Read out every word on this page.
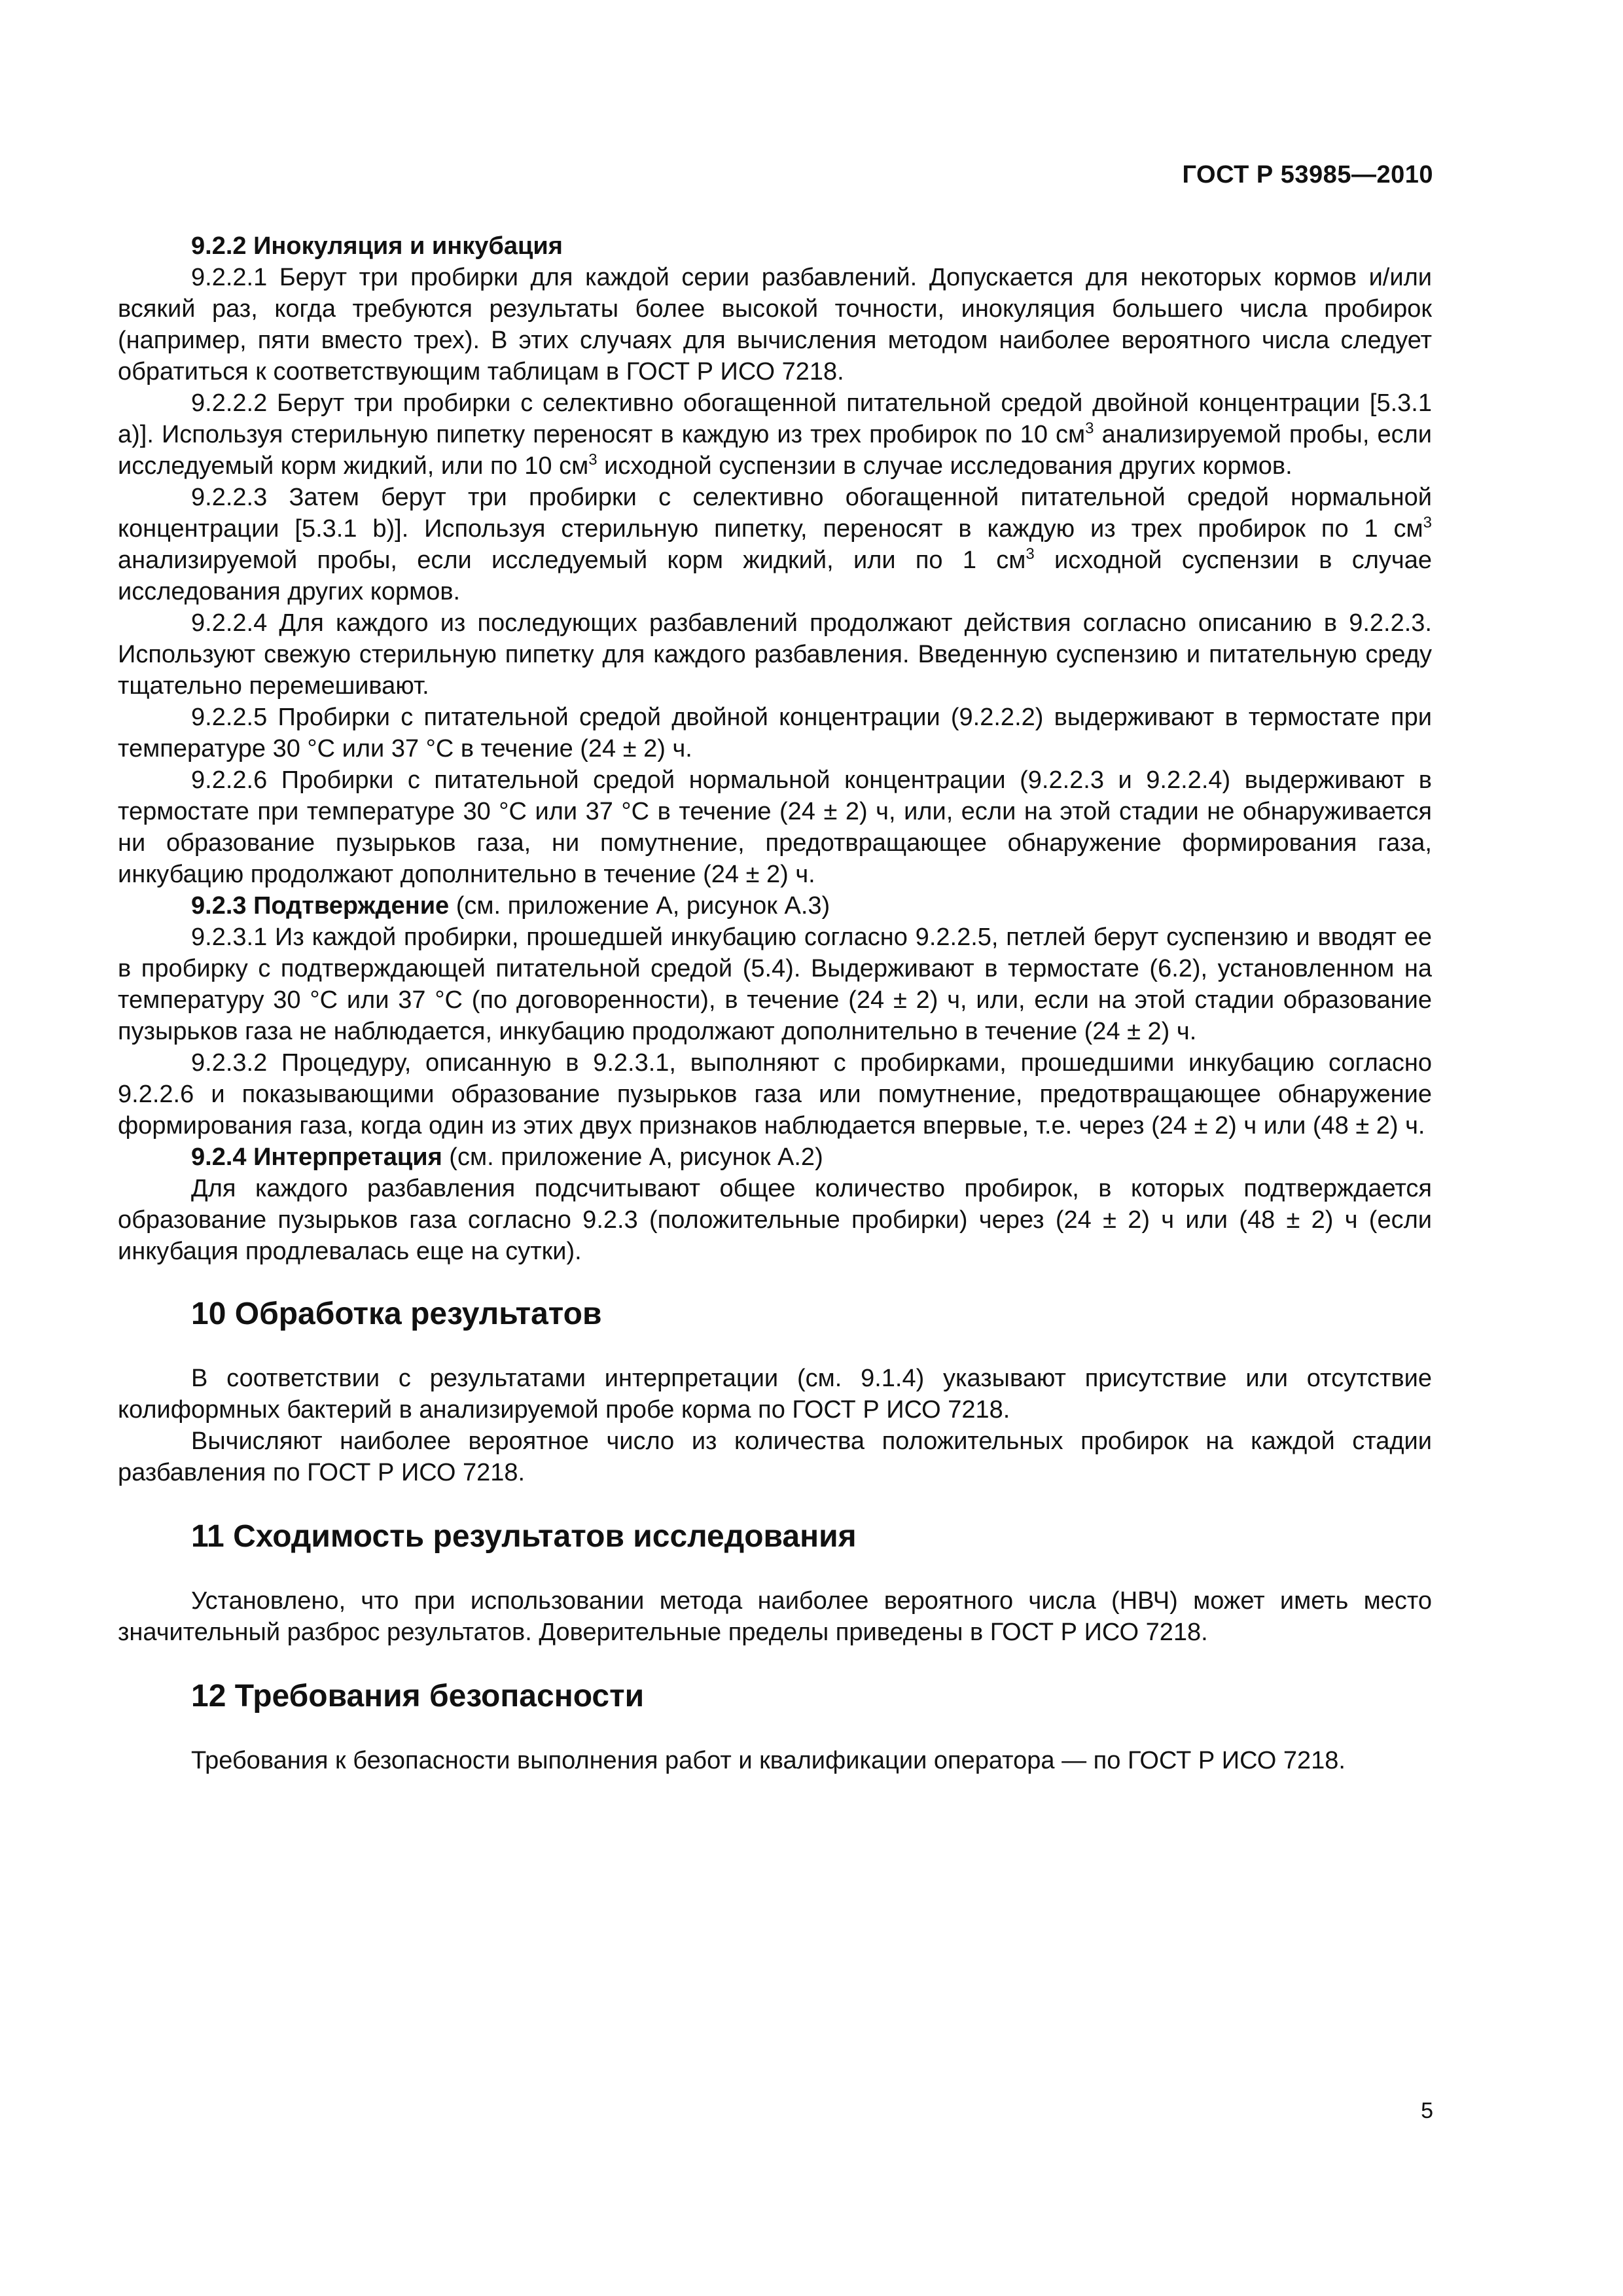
ГОСТ Р 53985—2010

9.2.2 Инокуляция и инкубация

9.2.2.1 Берут три пробирки для каждой серии разбавлений. Допускается для некоторых кормов и/или всякий раз, когда требуются результаты более высокой точности, инокуляция большего числа пробирок (например, пяти вместо трех). В этих случаях для вычисления методом наиболее вероятного числа следует обратиться к соответствующим таблицам в ГОСТ Р ИСО 7218.

9.2.2.2 Берут три пробирки с селективно обогащенной питательной средой двойной концентрации [5.3.1 а)]. Используя стерильную пипетку переносят в каждую из трех пробирок по 10 $см^3$ анализируемой пробы, если исследуемый корм жидкий, или по 10 $см^3$ исходной суспензии в случае исследования других кормов.

9.2.2.3 Затем берут три пробирки с селективно обогащенной питательной средой нормальной концентрации [5.3.1 b)]. Используя стерильную пипетку, переносят в каждую из трех пробирок по 1 $см^3$ анализируемой пробы, если исследуемый корм жидкий, или по 1 $см^3$ исходной суспензии в случае исследования других кормов.

9.2.2.4 Для каждого из последующих разбавлений продолжают действия согласно описанию в 9.2.2.3. Используют свежую стерильную пипетку для каждого разбавления. Введенную суспензию и питательную среду тщательно перемешивают.

9.2.2.5 Пробирки с питательной средой двойной концентрации (9.2.2.2) выдерживают в термостате при температуре 30 °С или 37 °С в течение (24 ± 2) ч.

9.2.2.6 Пробирки с питательной средой нормальной концентрации (9.2.2.3 и 9.2.2.4) выдерживают в термостате при температуре 30 °С или 37 °С в течение (24 ± 2) ч, или, если на этой стадии не обнаруживается ни образование пузырьков газа, ни помутнение, предотвращающее обнаружение формирования газа, инкубацию продолжают дополнительно в течение (24 ± 2) ч.

9.2.3 Подтверждение (см. приложение А, рисунок А.3)

9.2.3.1 Из каждой пробирки, прошедшей инкубацию согласно 9.2.2.5, петлей берут суспензию и вводят ее в пробирку с подтверждающей питательной средой (5.4). Выдерживают в термостате (6.2), установленном на температуру 30 °С или 37 °С (по договоренности), в течение (24 ± 2) ч, или, если на этой стадии образование пузырьков газа не наблюдается, инкубацию продолжают дополнительно в течение (24 ± 2) ч.

9.2.3.2 Процедуру, описанную в 9.2.3.1, выполняют с пробирками, прошедшими инкубацию согласно 9.2.2.6 и показывающими образование пузырьков газа или помутнение, предотвращающее обнаружение формирования газа, когда один из этих двух признаков наблюдается впервые, т.е. через (24 ± 2) ч или (48 ± 2) ч.

9.2.4 Интерпретация (см. приложение А, рисунок А.2)

Для каждого разбавления подсчитывают общее количество пробирок, в которых подтверждается образование пузырьков газа согласно 9.2.3 (положительные пробирки) через (24 ± 2) ч или (48 ± 2) ч (если инкубация продлевалась еще на сутки).

10 Обработка результатов

В соответствии с результатами интерпретации (см. 9.1.4) указывают присутствие или отсутствие колиформных бактерий в анализируемой пробе корма по ГОСТ Р ИСО 7218.

Вычисляют наиболее вероятное число из количества положительных пробирок на каждой стадии разбавления по ГОСТ Р ИСО 7218.

11 Сходимость результатов исследования

Установлено, что при использовании метода наиболее вероятного числа (НВЧ) может иметь место значительный разброс результатов. Доверительные пределы приведены в ГОСТ Р ИСО 7218.

12 Требования безопасности

Требования к безопасности выполнения работ и квалификации оператора — по ГОСТ Р ИСО 7218.

5
